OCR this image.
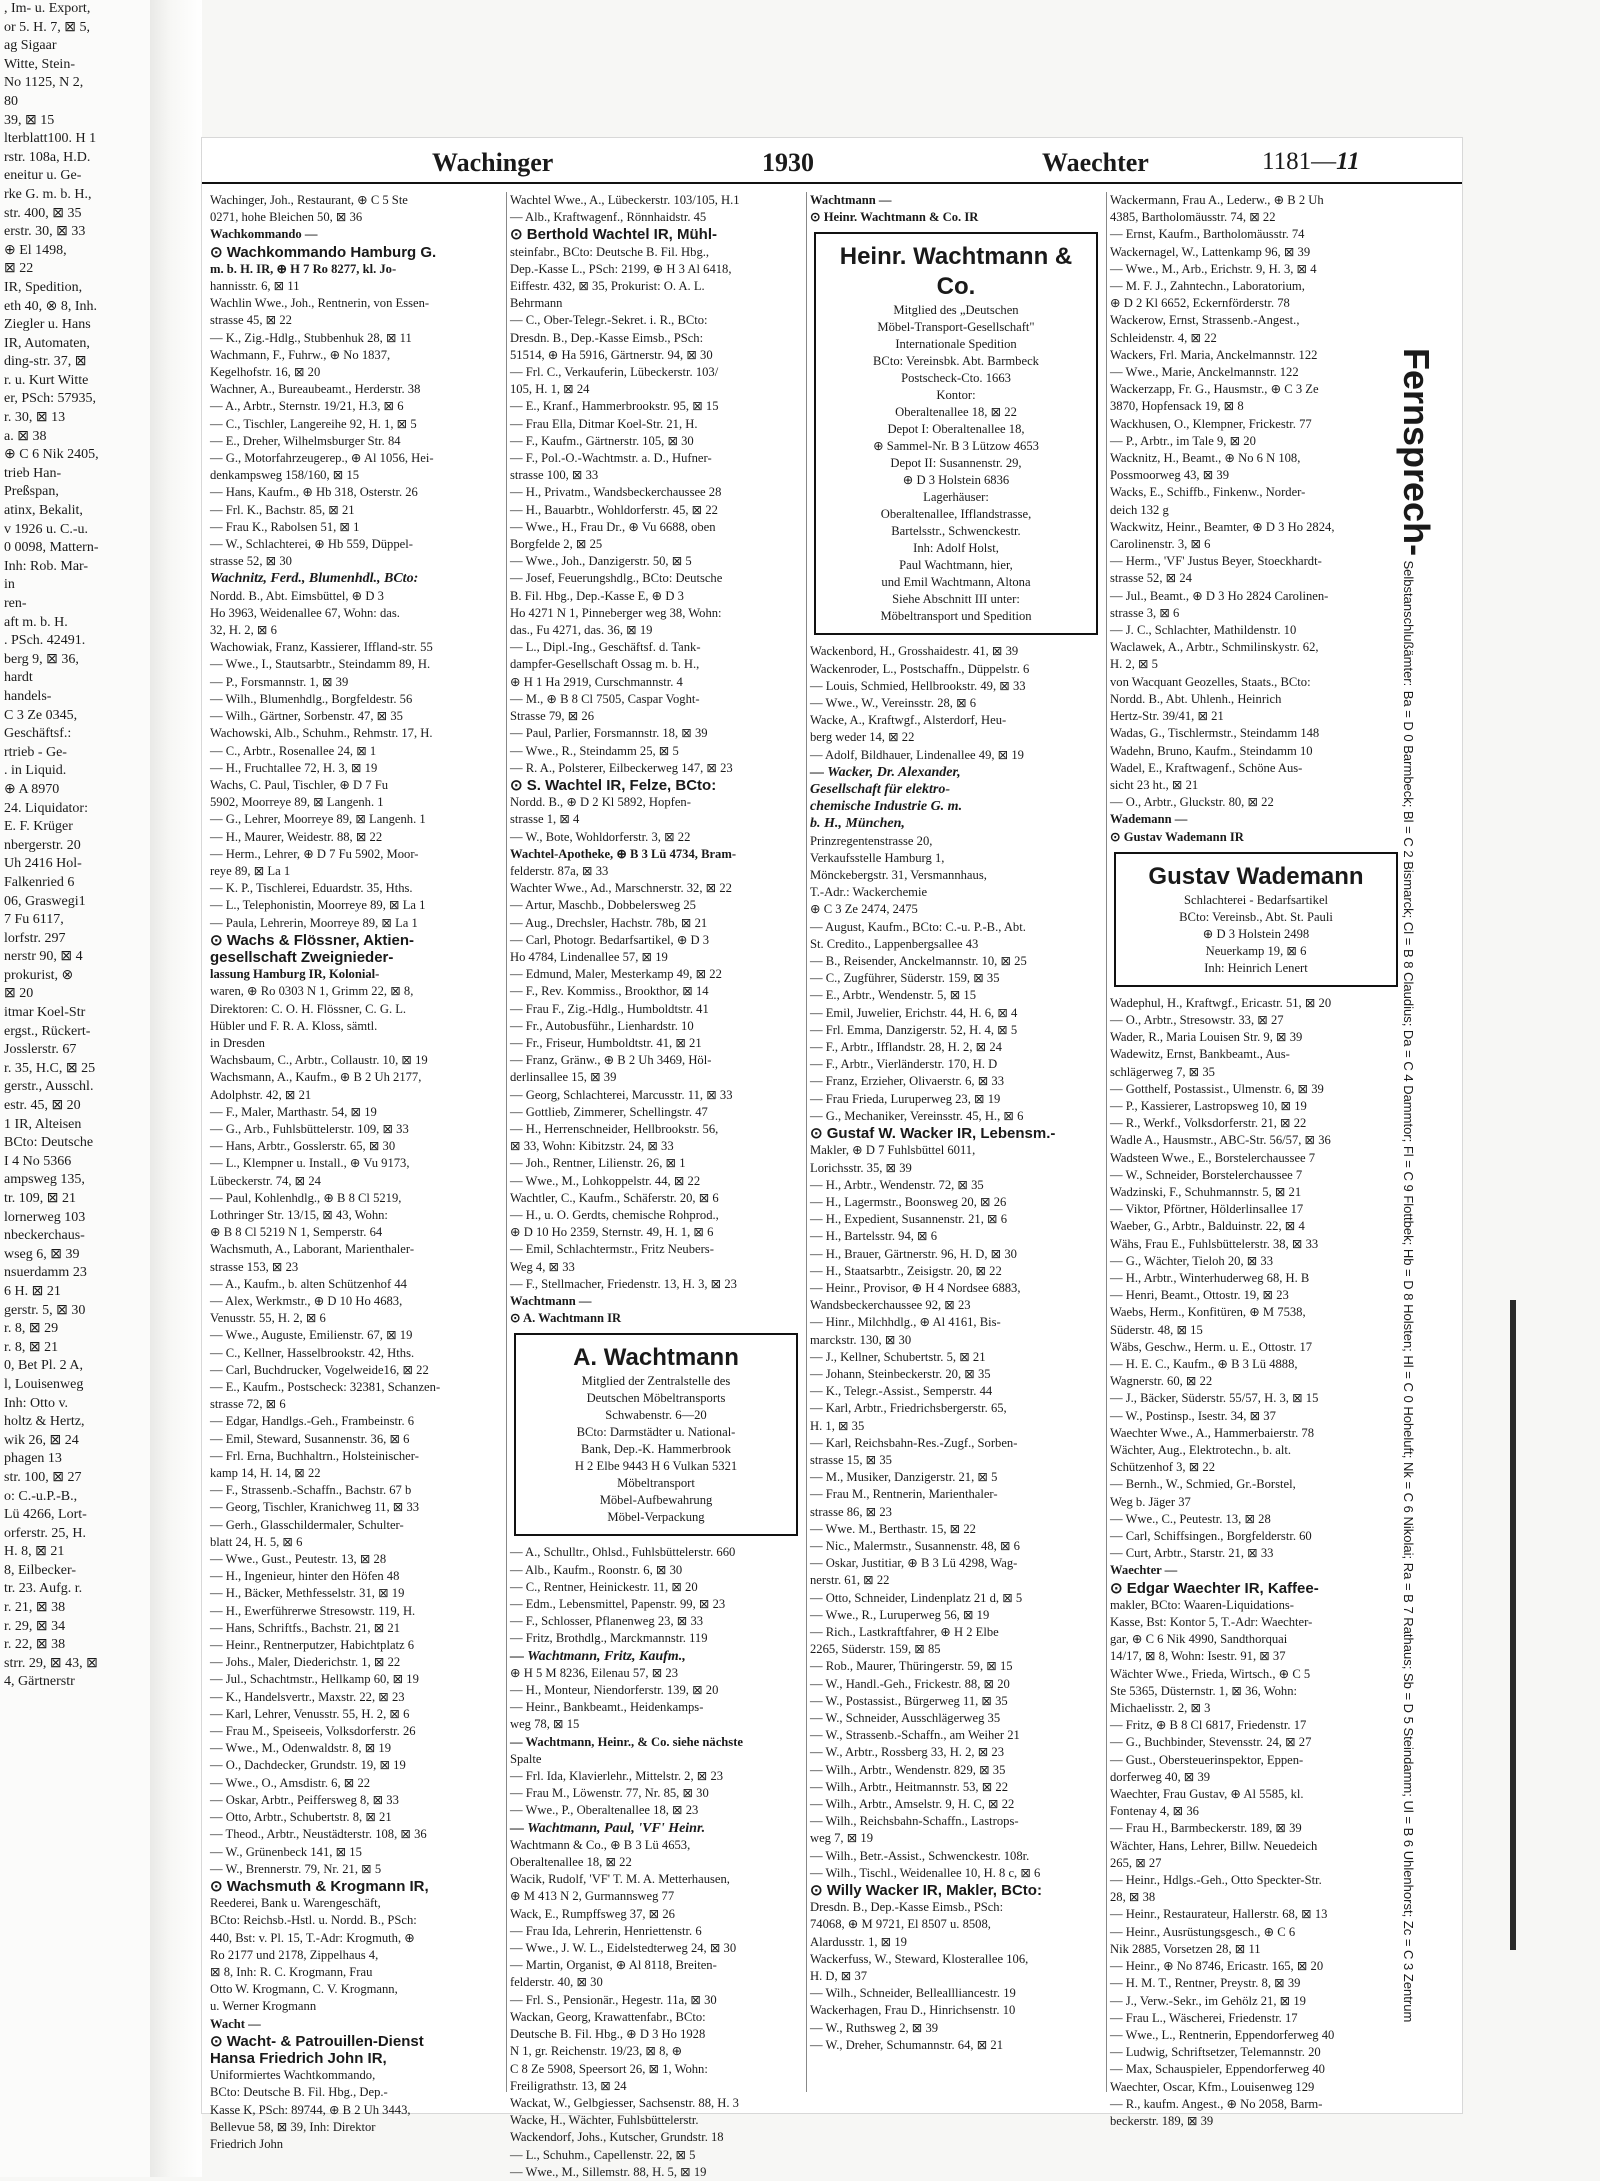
, Im- u. Export,
or 5. H. 7, ⊠ 5,
ag Sigaar
Witte, Stein-
No 1125, N 2,
80
39, ⊠ 15
lterblatt100. H 1
rstr. 108a, H.D.
eneitur u. Ge-
rke G. m. b. H.,
str. 400, ⊠ 35
erstr. 30, ⊠ 33
⊕ El 1498,
⊠ 22
IR, Spedition,
eth 40, ⊗ 8, Inh.
Ziegler u. Hans
IR, Automaten,
ding-str. 37, ⊠
r. u. Kurt Witte
er, PSch: 57935,
r. 30, ⊠ 13
a. ⊠ 38
⊕ C 6 Nik 2405,
trieb Han-
Preßspan,
atinx, Bekalit,
v 1926 u. C.-u.
0 0098, Mattern-
Inh: Rob. Mar-
in
ren-
aft m. b. H.
. PSch. 42491.
berg 9, ⊠ 36,
hardt
handels-
C 3 Ze 0345,
Geschäftsf.:
rtrieb - Ge-
. in Liquid.
⊕ A 8970
24. Liquidator:
E. F. Krüger
nbergerstr. 20
Uh 2416 Hol-
Falkenried 6
06, Graswegi1
7 Fu 6117,
lorfstr. 297
nerstr 90, ⊠ 4
prokurist, ⊗
⊠ 20
itmar Koel-Str
ergst., Rückert-
Josslerstr. 67
r. 35, H.C, ⊠ 25
gerstr., Ausschl.
estr. 45, ⊠ 20
1 IR, Alteisen
BCto: Deutsche
I 4 No 5366
ampsweg 135,
tr. 109, ⊠ 21
lornerweg 103
nbeckerchaus-
wseg 6, ⊠ 39
nsuerdamm 23
6 H. ⊠ 21
gerstr. 5, ⊠ 30
r. 8, ⊠ 29
r. 8, ⊠ 21
0, Bet Pl. 2 A,
l, Louisenweg
Inh: Otto v.
holtz & Hertz,
wik 26, ⊠ 24
phagen 13
str. 100, ⊠ 27
o: C.-u.P.-B.,
Lü 4266, Lort-
orferstr. 25, H.
H. 8, ⊠ 21
8, Eilbecker-
tr. 23. Aufg. r.
r. 21, ⊠ 38
r. 29, ⊠ 34
r. 22, ⊠ 38
strr. 29, ⊠ 43, ⊠
4, Gärtnerstr
Wachinger	1930	Waechter	1181—11
Wachinger, Joh., Restaurant, ⊕ C 5 Ste
0271, hohe Bleichen 50, ⊠ 36
Wachkommando —
⊙ Wachkommando Hamburg G.
m. b. H. IR, ⊕ H 7 Ro 8277, kl. Jo-
hannisstr. 6, ⊠ 11
Wachlin Wwe., Joh., Rentnerin, von Essen-
strasse 45, ⊠ 22
— K., Zig.-Hdlg., Stubbenhuk 28, ⊠ 11
Wachmann, F., Fuhrw., ⊕ No 1837,
Kegelhofstr. 16, ⊠ 20
Wachner, A., Bureaubeamt., Herderstr. 38
— A., Arbtr., Sternstr. 19/21, H.3, ⊠ 6
— C., Tischler, Langereihe 92, H. 1, ⊠ 5
— E., Dreher, Wilhelmsburger Str. 84
— G., Motorfahrzeugerep., ⊕ Al 1056, Hei-
denkampsweg 158/160, ⊠ 15
— Hans, Kaufm., ⊕ Hb 318, Osterstr. 26
— Frl. K., Bachstr. 85, ⊠ 21
— Frau K., Rabolsen 51, ⊠ 1
— W., Schlachterei, ⊕ Hb 559, Düppel-
strasse 52, ⊠ 30
Wachnitz, Ferd., Blumenhdl., BCto:
Nordd. B., Abt. Eimsbüttel, ⊕ D 3
Ho 3963, Weidenallee 67, Wohn: das.
32, H. 2, ⊠ 6
Wachowiak, Franz, Kassierer, Iffland-str. 55
— Wwe., I., Stautsarbtr., Steindamm 89, H.
— P., Forsmannstr. 1, ⊠ 39
— Wilh., Blumenhdlg., Borgfeldestr. 56
— Wilh., Gärtner, Sorbenstr. 47, ⊠ 35
Wachowski, Alb., Schuhm., Rehmstr. 17, H.
— C., Arbtr., Rosenallee 24, ⊠ 1
— H., Fruchtallee 72, H. 3, ⊠ 19
Wachs, C. Paul, Tischler, ⊕ D 7 Fu
5902, Moorreye 89, ⊠ Langenh. 1
— G., Lehrer, Moorreye 89, ⊠ Langenh. 1
— H., Maurer, Weidestr. 88, ⊠ 22
— Herm., Lehrer, ⊕ D 7 Fu 5902, Moor-
reye 89, ⊠ La 1
— K. P., Tischlerei, Eduardstr. 35, Hths.
— L., Telephonistin, Moorreye 89, ⊠ La 1
— Paula, Lehrerin, Moorreye 89, ⊠ La 1
⊙ Wachs & Flössner, Aktien-
gesellschaft Zweignieder-
lassung Hamburg IR, Kolonial-
waren, ⊕ Ro 0303 N 1, Grimm 22, ⊠ 8,
Direktoren: C. O. H. Flössner, C. G. L.
Hübler und F. R. A. Kloss, sämtl.
in Dresden
Wachsbaum, C., Arbtr., Collaustr. 10, ⊠ 19
Wachsmann, A., Kaufm., ⊕ B 2 Uh 2177,
Adolphstr. 42, ⊠ 21
— F., Maler, Marthastr. 54, ⊠ 19
— G., Arb., Fuhlsbüttelerstr. 109, ⊠ 33
— Hans, Arbtr., Gosslerstr. 65, ⊠ 30
— L., Klempner u. Install., ⊕ Vu 9173,
Lübeckerstr. 74, ⊠ 24
— Paul, Kohlenhdlg., ⊕ B 8 Cl 5219,
Lothringer Str. 13/15, ⊠ 43, Wohn:
⊕ B 8 Cl 5219 N 1, Semperstr. 64
Wachsmuth, A., Laborant, Marienthaler-
strasse 153, ⊠ 23
— A., Kaufm., b. alten Schützenhof 44
— Alex, Werkmstr., ⊕ D 10 Ho 4683,
Venusstr. 55, H. 2, ⊠ 6
— Wwe., Auguste, Emilienstr. 67, ⊠ 19
— C., Kellner, Hasselbrookstr. 42, Hths.
— Carl, Buchdrucker, Vogelweide16, ⊠ 22
— E., Kaufm., Postscheck: 32381, Schanzen-
strasse 72, ⊠ 6
— Edgar, Handlgs.-Geh., Frambeinstr. 6
— Emil, Steward, Susannenstr. 36, ⊠ 6
— Frl. Erna, Buchhaltrn., Holsteinischer-
kamp 14, H. 14, ⊠ 22
— F., Strassenb.-Schaffn., Bachstr. 67 b
— Georg, Tischler, Kranichweg 11, ⊠ 33
— Gerh., Glasschildermaler, Schulter-
blatt 24, H. 5, ⊠ 6
— Wwe., Gust., Peutestr. 13, ⊠ 28
— H., Ingenieur, hinter den Höfen 48
— H., Bäcker, Methfesselstr. 31, ⊠ 19
— H., Ewerführerwe Stresowstr. 119, H.
— Hans, Schriftfs., Bachstr. 21, ⊠ 21
— Heinr., Rentnerputzer, Habichtplatz 6
— Johs., Maler, Diederichstr. 1, ⊠ 22
— Jul., Schachtmstr., Hellkamp 60, ⊠ 19
— K., Handelsvertr., Maxstr. 22, ⊠ 23
— Karl, Lehrer, Venusstr. 55, H. 2, ⊠ 6
— Frau M., Speiseeis, Volksdorferstr. 26
— Wwe., M., Odenwaldstr. 8, ⊠ 19
— O., Dachdecker, Grundstr. 19, ⊠ 19
— Wwe., O., Amsdistr. 6, ⊠ 22
— Oskar, Arbtr., Peiffersweg 8, ⊠ 33
— Otto, Arbtr., Schubertstr. 8, ⊠ 21
— Theod., Arbtr., Neustädterstr. 108, ⊠ 36
— W., Grünenbeck 141, ⊠ 15
— W., Brennerstr. 79, Nr. 21, ⊠ 5
⊙ Wachsmuth & Krogmann IR,
Reederei, Bank u. Warengeschäft,
BCto: Reichsb.-Hstl. u. Nordd. B., PSch:
440, Bst: v. Pl. 15, T.-Adr: Krogmuth, ⊕
Ro 2177 und 2178, Zippelhaus 4,
⊠ 8, Inh: R. C. Krogmann, Frau
Otto W. Krogmann, C. V. Krogmann,
u. Werner Krogmann
Wacht —
⊙ Wacht- & Patrouillen-Dienst
Hansa Friedrich John IR,
Uniformiertes Wachtkommando,
BCto: Deutsche B. Fil. Hbg., Dep.-
Kasse K, PSch: 89744, ⊕ B 2 Uh 3443,
Bellevue 58, ⊠ 39, Inh: Direktor
Friedrich John
Wachtel Wwe., A., Lübeckerstr. 103/105, H.1
— Alb., Kraftwagenf., Rönnhaidstr. 45
⊙ Berthold Wachtel IR, Mühl-
steinfabr., BCto: Deutsche B. Fil. Hbg.,
Dep.-Kasse L., PSch: 2199, ⊕ H 3 Al 6418,
Eiffestr. 432, ⊠ 35, Prokurist: O. A. L.
Behrmann
— C., Ober-Telegr.-Sekret. i. R., BCto:
Dresdn. B., Dep.-Kasse Eimsb., PSch:
51514, ⊕ Ha 5916, Gärtnerstr. 94, ⊠ 30
— Frl. C., Verkauferin, Lübeckerstr. 103/
105, H. 1, ⊠ 24
— E., Kranf., Hammerbrookstr. 95, ⊠ 15
— Frau Ella, Ditmar Koel-Str. 21, H.
— F., Kaufm., Gärtnerstr. 105, ⊠ 30
— F., Pol.-O.-Wachtmstr. a. D., Hufner-
strasse 100, ⊠ 33
— H., Privatm., Wandsbeckerchaussee 28
— H., Bauarbtr., Wohldorferstr. 45, ⊠ 22
— Wwe., H., Frau Dr., ⊕ Vu 6688, oben
Borgfelde 2, ⊠ 25
— Wwe., Joh., Danzigerstr. 50, ⊠ 5
— Josef, Feuerungshdlg., BCto: Deutsche
B. Fil. Hbg., Dep.-Kasse E, ⊕ D 3
Ho 4271 N 1, Pinneberger weg 38, Wohn:
das., Fu 4271, das. 36, ⊠ 19
— L., Dipl.-Ing., Geschäftsf. d. Tank-
dampfer-Gesellschaft Ossag m. b. H.,
⊕ H 1 Ha 2919, Curschmannstr. 4
— M., ⊕ B 8 Cl 7505, Caspar Voght-
Strasse 79, ⊠ 26
— Paul, Parlier, Forsmannstr. 18, ⊠ 39
— Wwe., R., Steindamm 25, ⊠ 5
— R. A., Polsterer, Eilbeckerweg 147, ⊠ 23
⊙ S. Wachtel IR, Felze, BCto:
Nordd. B., ⊕ D 2 Kl 5892, Hopfen-
strasse 1, ⊠ 4
— W., Bote, Wohldorferstr. 3, ⊠ 22
Wachtel-Apotheke, ⊕ B 3 Lü 4734, Bram-
felderstr. 87a, ⊠ 33
Wachter Wwe., Ad., Marschnerstr. 32, ⊠ 22
— Artur, Maschb., Dobbelersweg 25
— Aug., Drechsler, Hachstr. 78b, ⊠ 21
— Carl, Photogr. Bedarfsartikel, ⊕ D 3
Ho 4784, Lindenallee 57, ⊠ 19
— Edmund, Maler, Mesterkamp 49, ⊠ 22
— F., Rev. Kommiss., Brookthor, ⊠ 14
— Frau F., Zig.-Hdlg., Humboldtstr. 41
— Fr., Autobusführ., Lienhardstr. 10
— Fr., Friseur, Humboldtstr. 41, ⊠ 21
— Franz, Gränw., ⊕ B 2 Uh 3469, Höl-
derlinsallee 15, ⊠ 39
— Georg, Schlachterei, Marcusstr. 11, ⊠ 33
— Gottlieb, Zimmerer, Schellingstr. 47
— H., Herrenschneider, Hellbrookstr. 56,
⊠ 33, Wohn: Kibitzstr. 24, ⊠ 33
— Joh., Rentner, Lilienstr. 26, ⊠ 1
— Wwe., M., Lohkoppelstr. 44, ⊠ 22
Wachtler, C., Kaufm., Schäferstr. 20, ⊠ 6
— H., u. O. Gerdts, chemische Rohprod.,
⊕ D 10 Ho 2359, Sternstr. 49, H. 1, ⊠ 6
— Emil, Schlachtermstr., Fritz Neubers-
Weg 4, ⊠ 33
— F., Stellmacher, Friedenstr. 13, H. 3, ⊠ 23
Wachtmann —
⊙ A. Wachtmann IR
A. Wachtmann
Mitglied der Zentralstelle des
Deutschen Möbeltransports
Schwabenstr. 6—20
BCto: Darmstädter u. National-
Bank, Dep.-K. Hammerbrook
H 2 Elbe 9443 H 6 Vulkan 5321
Möbeltransport
Möbel-Aufbewahrung
Möbel-Verpackung
— A., Schulltr., Ohlsd., Fuhlsbüttelerstr. 660
— Alb., Kaufm., Roonstr. 6, ⊠ 30
— C., Rentner, Heinickestr. 11, ⊠ 20
— Edm., Lebensmittel, Papenstr. 99, ⊠ 23
— F., Schlosser, Pflanenweg 23, ⊠ 33
— Fritz, Brothdlg., Marckmannstr. 119
— Wachtmann, Fritz, Kaufm.,
⊕ H 5 M 8236, Eilenau 57, ⊠ 23
— H., Monteur, Niendorferstr. 139, ⊠ 20
— Heinr., Bankbeamt., Heidenkamps-
weg 78, ⊠ 15
— Wachtmann, Heinr., & Co. siehe nächste
Spalte
— Frl. Ida, Klavierlehr., Mittelstr. 2, ⊠ 23
— Frau M., Löwenstr. 77, Nr. 85, ⊠ 30
— Wwe., P., Oberaltenallee 18, ⊠ 23
— Wachtmann, Paul, 'VF' Heinr.
Wachtmann & Co., ⊕ B 3 Lü 4653,
Oberaltenallee 18, ⊠ 22
Wacik, Rudolf, 'VF' T. M. A. Metterhausen,
⊕ M 413 N 2, Gurmannsweg 77
Wack, E., Rumpffsweg 37, ⊠ 26
— Frau Ida, Lehrerin, Henriettenstr. 6
— Wwe., J. W. L., Eidelstedterweg 24, ⊠ 30
— Martin, Organist, ⊕ Al 8118, Breiten-
felderstr. 40, ⊠ 30
— Frl. S., Pensionär., Hegestr. 11a, ⊠ 30
Wackan, Georg, Krawattenfabr., BCto:
Deutsche B. Fil. Hbg., ⊕ D 3 Ho 1928
N 1, gr. Reichenstr. 19/23, ⊠ 8, ⊕
C 8 Ze 5908, Speersort 26, ⊠ 1, Wohn:
Freiligrathstr. 13, ⊠ 24
Wackat, W., Gelbgiesser, Sachsenstr. 88, H. 3
Wacke, H., Wächter, Fuhlsbüttelerstr.
Wackendorf, Johs., Kutscher, Grundstr. 18
— L., Schuhm., Capellenstr. 22, ⊠ 5
— Wwe., M., Sillemstr. 88, H. 5, ⊠ 19
Wachtmann —
⊙ Heinr. Wachtmann & Co. IR
Heinr. Wachtmann & Co.
Mitglied des „Deutschen
Möbel-Transport-Gesellschaft"
Internationale Spedition
BCto: Vereinsbk. Abt. Barmbeck
Postscheck-Cto. 1663
Kontor:
Oberaltenallee 18, ⊠ 22
Depot I: Oberaltenallee 18,
⊕ Sammel-Nr. B 3 Lützow 4653
Depot II: Susannenstr. 29,
⊕ D 3 Holstein 6836
Lagerhäuser:
Oberaltenallee, Ifflandstrasse,
Bartelsstr., Schwenckestr.
Inh: Adolf Holst,
Paul Wachtmann, hier,
und Emil Wachtmann, Altona
Siehe Abschnitt III unter:
Möbeltransport und Spedition
Wackenbord, H., Grosshaidestr. 41, ⊠ 39
Wackenroder, L., Postschaffn., Düppelstr. 6
— Louis, Schmied, Hellbrookstr. 49, ⊠ 33
— Wwe., W., Vereinsstr. 28, ⊠ 6
Wacke, A., Kraftwgf., Alsterdorf, Heu-
berg weder 14, ⊠ 22
— Adolf, Bildhauer, Lindenallee 49, ⊠ 19
— Wacker, Dr. Alexander,
Gesellschaft für elektro-
chemische Industrie G. m.
b. H., München,
Prinzregentenstrasse 20,
Verkaufsstelle Hamburg 1,
Mönckebergstr. 31, Versmannhaus,
T.-Adr.: Wackerchemie
⊕ C 3 Ze 2474, 2475
— August, Kaufm., BCto: C.-u. P.-B., Abt.
St. Credito., Lappenbergsallee 43
— B., Reisender, Anckelmannstr. 10, ⊠ 25
— C., Zugführer, Süderstr. 159, ⊠ 35
— E., Arbtr., Wendenstr. 5, ⊠ 15
— Emil, Juwelier, Erichstr. 44, H. 6, ⊠ 4
— Frl. Emma, Danzigerstr. 52, H. 4, ⊠ 5
— F., Arbtr., Ifflandstr. 28, H. 2, ⊠ 24
— F., Arbtr., Vierländerstr. 170, H. D
— Franz, Erzieher, Olivaerstr. 6, ⊠ 33
— Frau Frieda, Luruperweg 23, ⊠ 19
— G., Mechaniker, Vereinsstr. 45, H., ⊠ 6
⊙ Gustaf W. Wacker IR, Lebensm.-
Makler, ⊕ D 7 Fuhlsbüttel 6011,
Lorichsstr. 35, ⊠ 39
— H., Arbtr., Wendenstr. 72, ⊠ 35
— H., Lagermstr., Boonsweg 20, ⊠ 26
— H., Expedient, Susannenstr. 21, ⊠ 6
— H., Bartelsstr. 94, ⊠ 6
— H., Brauer, Gärtnerstr. 96, H. D, ⊠ 30
— H., Staatsarbtr., Zeisigstr. 20, ⊠ 22
— Heinr., Provisor, ⊕ H 4 Nordsee 6883,
Wandsbeckerchaussee 92, ⊠ 23
— Hinr., Milchhdlg., ⊕ Al 4161, Bis-
marckstr. 130, ⊠ 30
— J., Kellner, Schubertstr. 5, ⊠ 21
— Johann, Steinbeckerstr. 20, ⊠ 35
— K., Telegr.-Assist., Semperstr. 44
— Karl, Arbtr., Friedrichsbergerstr. 65,
H. 1, ⊠ 35
— Karl, Reichsbahn-Res.-Zugf., Sorben-
strasse 15, ⊠ 35
— M., Musiker, Danzigerstr. 21, ⊠ 5
— Frau M., Rentnerin, Marienthaler-
strasse 86, ⊠ 23
— Wwe. M., Berthastr. 15, ⊠ 22
— Nic., Malermstr., Susannenstr. 48, ⊠ 6
— Oskar, Justitiar, ⊕ B 3 Lü 4298, Wag-
nerstr. 61, ⊠ 22
— Otto, Schneider, Lindenplatz 21 d, ⊠ 5
— Wwe., R., Luruperweg 56, ⊠ 19
— Rich., Lastkraftfahrer, ⊕ H 2 Elbe
2265, Süderstr. 159, ⊠ 85
— Rob., Maurer, Thüringerstr. 59, ⊠ 15
— W., Handl.-Geh., Frickestr. 88, ⊠ 20
— W., Postassist., Bürgerweg 11, ⊠ 35
— W., Schneider, Ausschlägerweg 35
— W., Strassenb.-Schaffn., am Weiher 21
— W., Arbtr., Rossberg 33, H. 2, ⊠ 23
— Wilh., Arbtr., Wendenstr. 829, ⊠ 35
— Wilh., Arbtr., Heitmannstr. 53, ⊠ 22
— Wilh., Arbtr., Amselstr. 9, H. C, ⊠ 22
— Wilh., Reichsbahn-Schaffn., Lastrops-
weg 7, ⊠ 19
— Wilh., Betr.-Assist., Schwenckestr. 108r.
— Wilh., Tischl., Weidenallee 10, H. 8 c, ⊠ 6
⊙ Willy Wacker IR, Makler, BCto:
Dresdn. B., Dep.-Kasse Eimsb., PSch:
74068, ⊕ M 9721, El 8507 u. 8508,
Alardusstr. 1, ⊠ 19
Wackerfuss, W., Steward, Klosterallee 106,
H. D, ⊠ 37
— Wilh., Schneider, Belleallliancestr. 19
Wackerhagen, Frau D., Hinrichsenstr. 10
— W., Ruthsweg 2, ⊠ 39
— W., Dreher, Schumannstr. 64, ⊠ 21
Wackermann, Frau A., Lederw., ⊕ B 2 Uh
4385, Bartholomäusstr. 74, ⊠ 22
— Ernst, Kaufm., Bartholomäusstr. 74
Wackernagel, W., Lattenkamp 96, ⊠ 39
— Wwe., M., Arb., Erichstr. 9, H. 3, ⊠ 4
— M. F. J., Zahntechn., Laboratorium,
⊕ D 2 Kl 6652, Eckernförderstr. 78
Wackerow, Ernst, Strassenb.-Angest.,
Schleidenstr. 4, ⊠ 22
Wackers, Frl. Maria, Anckelmannstr. 122
— Wwe., Marie, Anckelmannstr. 122
Wackerzapp, Fr. G., Hausmstr., ⊕ C 3 Ze
3870, Hopfensack 19, ⊠ 8
Wackhusen, O., Klempner, Frickestr. 77
— P., Arbtr., im Tale 9, ⊠ 20
Wacknitz, H., Beamt., ⊕ No 6 N 108,
Possmoorweg 43, ⊠ 39
Wacks, E., Schiffb., Finkenw., Norder-
deich 132 g
Wackwitz, Heinr., Beamter, ⊕ D 3 Ho 2824,
Carolinenstr. 3, ⊠ 6
— Herm., 'VF' Justus Beyer, Stoeckhardt-
strasse 52, ⊠ 24
— Jul., Beamt., ⊕ D 3 Ho 2824 Carolinen-
strasse 3, ⊠ 6
— J. C., Schlachter, Mathildenstr. 10
Waclawek, A., Arbtr., Schmilinskystr. 62,
H. 2, ⊠ 5
von Wacquant Geozelles, Staats., BCto:
Nordd. B., Abt. Uhlenh., Heinrich
Hertz-Str. 39/41, ⊠ 21
Wadas, G., Tischlermstr., Steindamm 148
Wadehn, Bruno, Kaufm., Steindamm 10
Wadel, E., Kraftwagenf., Schöne Aus-
sicht 23 ht., ⊠ 21
— O., Arbtr., Gluckstr. 80, ⊠ 22
Wademann —
⊙ Gustav Wademann IR
Gustav Wademann
Schlachterei - Bedarfsartikel
BCto: Vereinsb., Abt. St. Pauli
⊕ D 3 Holstein 2498
Neuerkamp 19, ⊠ 6
Inh: Heinrich Lenert
Wadephul, H., Kraftwgf., Ericastr. 51, ⊠ 20
— O., Arbtr., Stresowstr. 33, ⊠ 27
Wader, R., Maria Louisen Str. 9, ⊠ 39
Wadewitz, Ernst, Bankbeamt., Aus-
schlägerweg 7, ⊠ 35
— Gotthelf, Postassist., Ulmenstr. 6, ⊠ 39
— P., Kassierer, Lastropsweg 10, ⊠ 19
— R., Werkf., Volksdorferstr. 21, ⊠ 22
Wadle A., Hausmstr., ABC-Str. 56/57, ⊠ 36
Wadsteen Wwe., E., Borstelerchaussee 7
— W., Schneider, Borstelerchaussee 7
Wadzinski, F., Schuhmannstr. 5, ⊠ 21
— Viktor, Pförtner, Hölderlinsallee 17
Waeber, G., Arbtr., Balduinstr. 22, ⊠ 4
Wähs, Frau E., Fuhlsbüttelerstr. 38, ⊠ 33
— G., Wächter, Tieloh 20, ⊠ 33
— H., Arbtr., Winterhuderweg 68, H. B
— Henri, Beamt., Ottostr. 19, ⊠ 23
Waebs, Herm., Konfitüren, ⊕ M 7538,
Süderstr. 48, ⊠ 15
Wäbs, Geschw., Herm. u. E., Ottostr. 17
— H. E. C., Kaufm., ⊕ B 3 Lü 4888,
Wagnerstr. 60, ⊠ 22
— J., Bäcker, Süderstr. 55/57, H. 3, ⊠ 15
— W., Postinsp., Isestr. 34, ⊠ 37
Waechter Wwe., A., Hammerbaierstr. 78
Wächter, Aug., Elektrotechn., b. alt.
Schützenhof 3, ⊠ 22
— Bernh., W., Schmied, Gr.-Borstel,
Weg b. Jäger 37
— Wwe., C., Peutestr. 13, ⊠ 28
— Carl, Schiffsingen., Borgfelderstr. 60
— Curt, Arbtr., Starstr. 21, ⊠ 33
Waechter —
⊙ Edgar Waechter IR, Kaffee-
makler, BCto: Waaren-Liquidations-
Kasse, Bst: Kontor 5, T.-Adr: Waechter-
gar, ⊕ C 6 Nik 4990, Sandthorquai
14/17, ⊠ 8, Wohn: Isestr. 91, ⊠ 37
Wächter Wwe., Frieda, Wirtsch., ⊕ C 5
Ste 5365, Düsternstr. 1, ⊠ 36, Wohn:
Michaelisstr. 2, ⊠ 3
— Fritz, ⊕ B 8 Cl 6817, Friedenstr. 17
— G., Buchbinder, Stevensstr. 24, ⊠ 27
— Gust., Obersteuerinspektor, Eppen-
dorferweg 40, ⊠ 39
Waechter, Frau Gustav, ⊕ Al 5585, kl.
Fontenay 4, ⊠ 36
— Frau H., Barmbeckerstr. 189, ⊠ 39
Wächter, Hans, Lehrer, Billw. Neuedeich
265, ⊠ 27
— Heinr., Hdlgs.-Geh., Otto Speckter-Str.
28, ⊠ 38
— Heinr., Restaurateur, Hallerstr. 68, ⊠ 13
— Heinr., Ausrüstungsgesch., ⊕ C 6
Nik 2885, Vorsetzen 28, ⊠ 11
— Heinr., ⊕ No 8746, Ericastr. 165, ⊠ 20
— H. M. T., Rentner, Preystr. 8, ⊠ 39
— J., Verw.-Sekr., im Gehölz 21, ⊠ 19
— Frau L., Wäscherei, Friedenstr. 17
— Wwe., L., Rentnerin, Eppendorferweg 40
— Ludwig, Schriftsetzer, Telemannstr. 20
— Max, Schauspieler, Eppendorferweg 40
Waechter, Oscar, Kfm., Louisenweg 129
— R., kaufm. Angest., ⊕ No 2058, Barm-
beckerstr. 189, ⊠ 39
Fernsprech- Selbstanschlußämter: Ba = D 0 Barmbeck; Bl = C 2 Bismarck; Cl = B 8 Claudius; Da = C 4 Dammtor; Fl = C 9 Flottbek; Hb = D 8 Holsten; Hl = C 0 Hoheluft; Nk = C 6 Nikolai; Ra = B 7 Rathaus; Sb = D 5 Steindamm; Ul = B 6 Uhlenhorst; Zc = C 3 Zentrum
